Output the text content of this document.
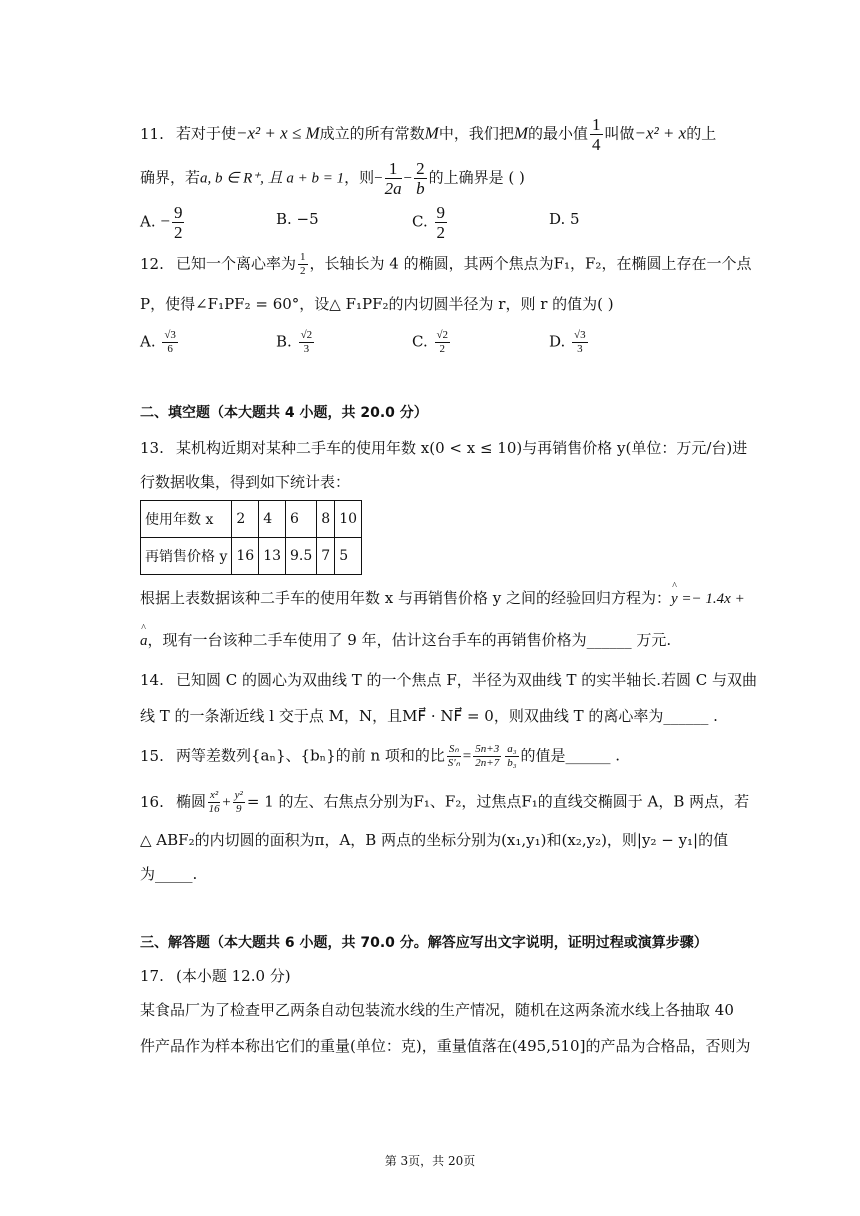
11. 若对于使−x² + x ≤ M成立的所有常数M中，我们把M的最小值 $\frac{1}{4}$ 叫做−x² + x的上
确界，若a, b ∈ R⁺, 且 a + b = 1，则− $\frac{1}{2a} - \frac{2}{b}$ 的上确界是 ( )
A. − $\frac{9}{2}$	B. −5	C. $\frac{9}{2}$	D. 5
12. 已知一个离心率为 $\frac{1}{2}$ ，长轴长为 4 的椭圆，其两个焦点为F₁，F₂，在椭圆上存在一个点
P，使得∠F₁PF₂ = 60°，设△ F₁PF₂的内切圆半径为 r，则 r 的值为( )
A. $\frac{√3}{6}$	B. $\frac{√2}{3}$	C. $\frac{√2}{2}$	D. $\frac{√3}{3}$
二、填空题（本大题共 4 小题，共 20.0 分）
13. 某机构近期对某种二手车的使用年数 x(0 < x ≤ 10)与再销售价格 y(单位：万元/台)进
行数据收集，得到如下统计表：
使用年数 x	2	4	6	8	10
再销售价格 y	16	13	9.5	7	5
根据上表数据该种二手车的使用年数 x 与再销售价格 y 之间的经验回归方程为：^ y =− 1.4x +
^ a，现有一台该种二手车使用了 9 年，估计这台手车的再销售价格为______ 万元.
14. 已知圆 C 的圆心为双曲线 T 的一个焦点 F，半径为双曲线 T 的实半轴长.若圆 C 与双曲
线 T 的一条渐近线 l 交于点 M，N，且MF⃗ · NF⃗ = 0，则双曲线 T 的离心率为______ .
15. 两等差数列{aₙ}、{bₙ}的前 n 项和的比 $\frac{\text{Sₙ}}{\text{S'ₙ}} = \frac{5n+3}{2n+7} \frac{\text{a₃}}{\text{b₃}}$ 的值是______ .
16. 椭圆 $\frac{\text{x²}}{16} + \frac{\text{y²}}{9} = 1$ 的左、右焦点分别为F₁、F₂，过焦点F₁的直线交椭圆于 A，B 两点，若
△ ABF₂的内切圆的面积为π，A，B 两点的坐标分别为(x₁,y₁)和(x₂,y₂)，则|y₂ − y₁|的值
为_____.
三、解答题（本大题共 6 小题，共 70.0 分。解答应写出文字说明，证明过程或演算步骤）
17. (本小题 12.0 分)
某食品厂为了检查甲乙两条自动包装流水线的生产情况，随机在这两条流水线上各抽取 40
件产品作为样本称出它们的重量(单位：克)，重量值落在(495,510]的产品为合格品，否则为
第 3页，共 20页
